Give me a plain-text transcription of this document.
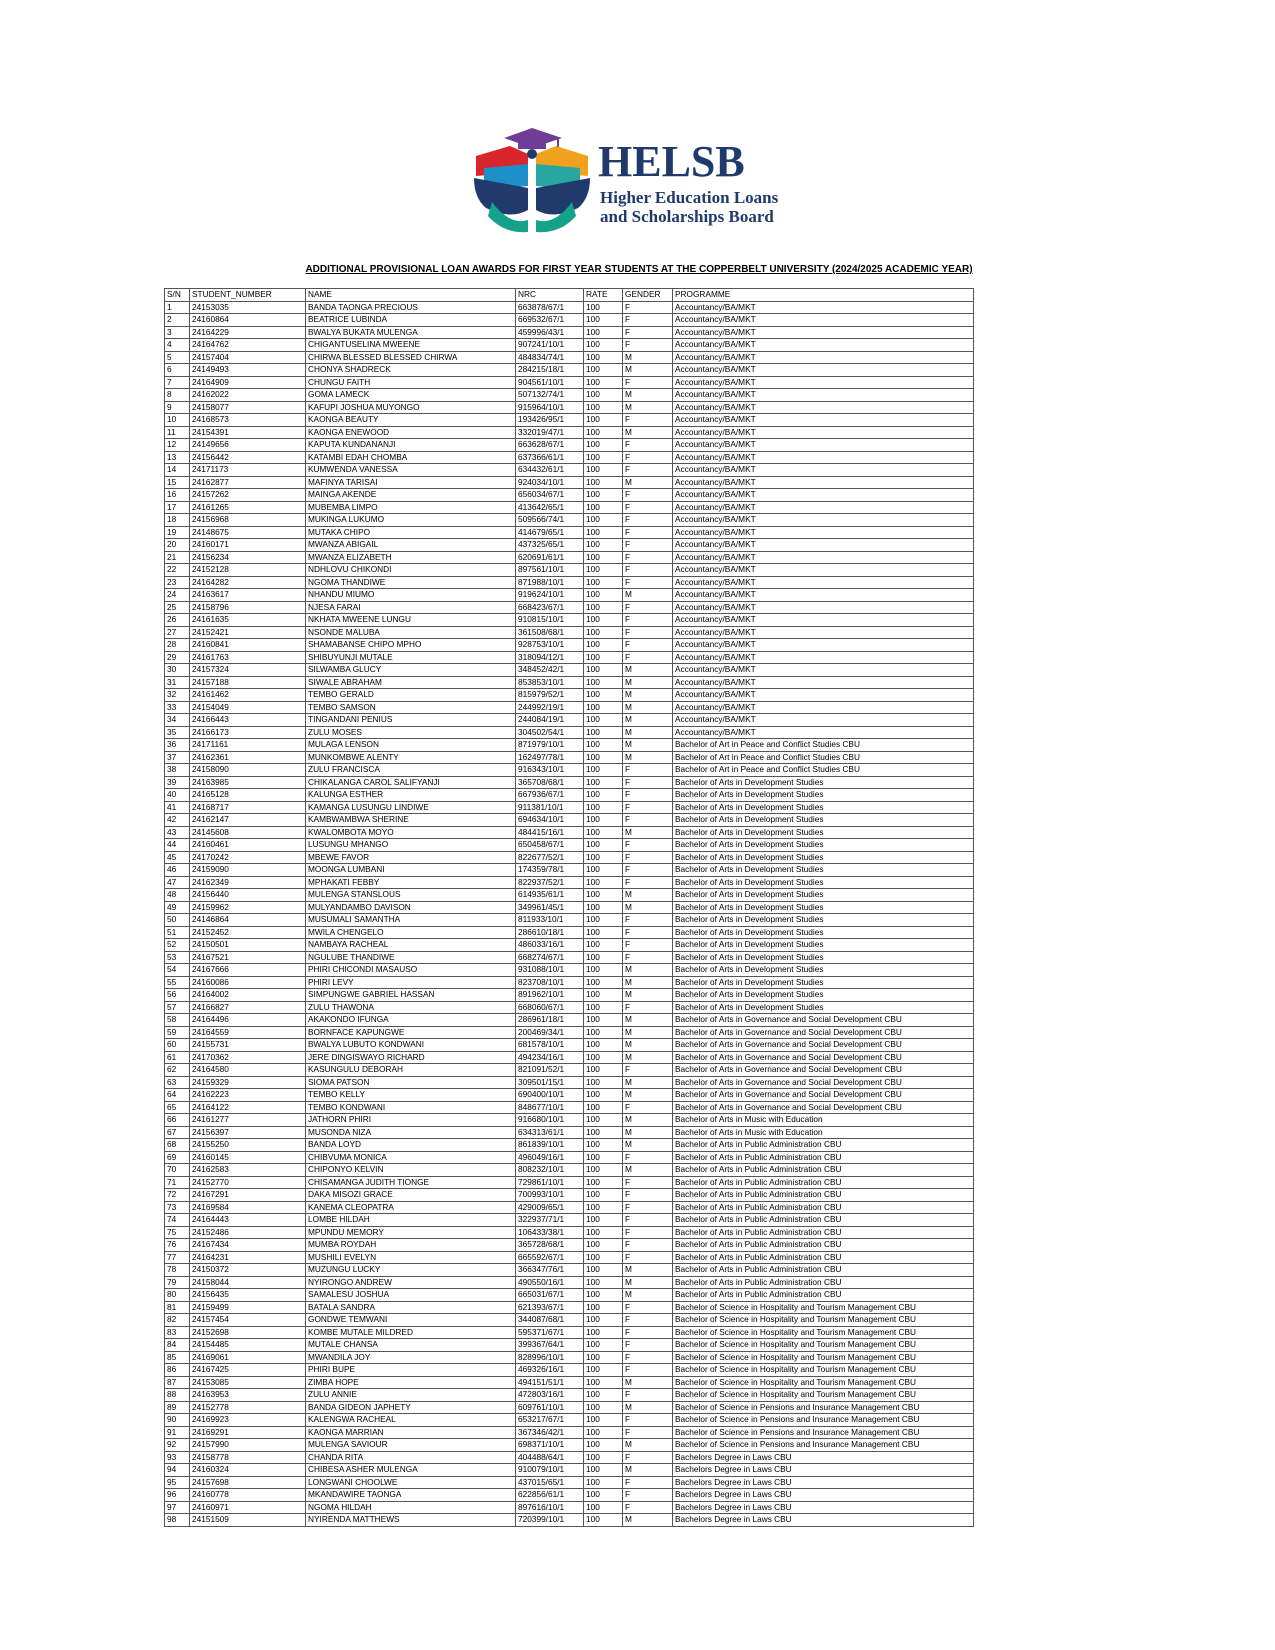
HELSB
Higher Education Loans
and Scholarships Board
ADDITIONAL PROVISIONAL LOAN AWARDS FOR FIRST YEAR STUDENTS AT THE COPPERBELT UNIVERSITY (2024/2025 ACADEMIC YEAR)
S/N	STUDENT_NUMBER	NAME	NRC	RATE	GENDER	PROGRAMME
1	24153035	BANDA TAONGA PRECIOUS	663878/67/1	100	F	Accountancy/BA/MKT
2	24160864	BEATRICE LUBINDA	669532/67/1	100	F	Accountancy/BA/MKT
3	24164229	BWALYA BUKATA MULENGA	459996/43/1	100	F	Accountancy/BA/MKT
4	24164762	CHIGANTUSELINA MWEENE	907241/10/1	100	F	Accountancy/BA/MKT
5	24157404	CHIRWA BLESSED BLESSED CHIRWA	484834/74/1	100	M	Accountancy/BA/MKT
6	24149493	CHONYA SHADRECK	284215/18/1	100	M	Accountancy/BA/MKT
7	24164909	CHUNGU FAITH	904561/10/1	100	F	Accountancy/BA/MKT
8	24162022	GOMA LAMECK	507132/74/1	100	M	Accountancy/BA/MKT
9	24158077	KAFUPI JOSHUA MUYONGO	915964/10/1	100	M	Accountancy/BA/MKT
10	24168573	KAONGA BEAUTY	193426/95/1	100	F	Accountancy/BA/MKT
11	24154391	KAONGA ENEWOOD	332019/47/1	100	M	Accountancy/BA/MKT
12	24149656	KAPUTA KUNDANANJI	663628/67/1	100	F	Accountancy/BA/MKT
13	24156442	KATAMBI EDAH CHOMBA	637366/61/1	100	F	Accountancy/BA/MKT
14	24171173	KUMWENDA VANESSA	634432/61/1	100	F	Accountancy/BA/MKT
15	24162877	MAFINYA TARISAI	924034/10/1	100	M	Accountancy/BA/MKT
16	24157262	MAINGA AKENDE	656034/67/1	100	F	Accountancy/BA/MKT
17	24161265	MUBEMBA LIMPO	413642/65/1	100	F	Accountancy/BA/MKT
18	24156968	MUKINGA LUKUMO	509566/74/1	100	F	Accountancy/BA/MKT
19	24148675	MUTAKA CHIPO	414679/65/1	100	F	Accountancy/BA/MKT
20	24160171	MWANZA ABIGAIL	437325/65/1	100	F	Accountancy/BA/MKT
21	24156234	MWANZA ELIZABETH	620691/61/1	100	F	Accountancy/BA/MKT
22	24152128	NDHLOVU CHIKONDI	897561/10/1	100	F	Accountancy/BA/MKT
23	24164282	NGOMA THANDIWE	871988/10/1	100	F	Accountancy/BA/MKT
24	24163617	NHANDU MIUMO	919624/10/1	100	M	Accountancy/BA/MKT
25	24158796	NJESA FARAI	668423/67/1	100	F	Accountancy/BA/MKT
26	24161635	NKHATA MWEENE LUNGU	910815/10/1	100	F	Accountancy/BA/MKT
27	24152421	NSONDE MALUBA	361508/68/1	100	F	Accountancy/BA/MKT
28	24160841	SHAMABANSE CHIPO MPHO	928753/10/1	100	F	Accountancy/BA/MKT
29	24161763	SHIBUYUNJI MUTALE	318094/12/1	100	F	Accountancy/BA/MKT
30	24157324	SILWAMBA GLUCY	348452/42/1	100	M	Accountancy/BA/MKT
31	24157188	SIWALE ABRAHAM	853853/10/1	100	M	Accountancy/BA/MKT
32	24161462	TEMBO GERALD	815979/52/1	100	M	Accountancy/BA/MKT
33	24154049	TEMBO SAMSON	244992/19/1	100	M	Accountancy/BA/MKT
34	24166443	TINGANDANI PENIUS	244084/19/1	100	M	Accountancy/BA/MKT
35	24166173	ZULU MOSES	304502/54/1	100	M	Accountancy/BA/MKT
36	24171161	MULAGA LENSON	871979/10/1	100	M	Bachelor of Art in Peace and Conflict Studies CBU
37	24162361	MUNKOMBWE ALENTY	162497/78/1	100	M	Bachelor of Art in Peace and Conflict Studies CBU
38	24158090	ZULU FRANCISCA	916343/10/1	100	F	Bachelor of Art in Peace and Conflict Studies CBU
39	24163985	CHIKALANGA CAROL SALIFYANJI	365708/68/1	100	F	Bachelor of Arts in Development Studies
40	24165128	KALUNGA ESTHER	667936/67/1	100	F	Bachelor of Arts in Development Studies
41	24168717	KAMANGA LUSUNGU LINDIWE	911381/10/1	100	F	Bachelor of Arts in Development Studies
42	24162147	KAMBWAMBWA SHERINE	694634/10/1	100	F	Bachelor of Arts in Development Studies
43	24145608	KWALOMBOTA MOYO	484415/16/1	100	M	Bachelor of Arts in Development Studies
44	24160461	LUSUNGU MHANGO	650458/67/1	100	F	Bachelor of Arts in Development Studies
45	24170242	MBEWE FAVOR	822677/52/1	100	F	Bachelor of Arts in Development Studies
46	24159090	MOONGA LUMBANI	174359/78/1	100	F	Bachelor of Arts in Development Studies
47	24162349	MPHAKATI FEBBY	822937/52/1	100	F	Bachelor of Arts in Development Studies
48	24156440	MULENGA STANSLOUS	614935/61/1	100	M	Bachelor of Arts in Development Studies
49	24159962	MULYANDAMBO DAVISON	349961/45/1	100	M	Bachelor of Arts in Development Studies
50	24146864	MUSUMALI SAMANTHA	811933/10/1	100	F	Bachelor of Arts in Development Studies
51	24152452	MWILA CHENGELO	286610/18/1	100	F	Bachelor of Arts in Development Studies
52	24150501	NAMBAYA RACHEAL	486033/16/1	100	F	Bachelor of Arts in Development Studies
53	24167521	NGULUBE THANDIWE	668274/67/1	100	F	Bachelor of Arts in Development Studies
54	24167666	PHIRI CHICONDI MASAUSO	931088/10/1	100	M	Bachelor of Arts in Development Studies
55	24160086	PHIRI LEVY	823708/10/1	100	M	Bachelor of Arts in Development Studies
56	24164002	SIMPUNGWE GABRIEL HASSAN	891962/10/1	100	M	Bachelor of Arts in Development Studies
57	24166827	ZULU THAWONA	668060/67/1	100	F	Bachelor of Arts in Development Studies
58	24164496	AKAKONDO IFUNGA	286961/18/1	100	M	Bachelor of Arts in Governance and Social Development CBU
59	24164559	BORNFACE KAPUNGWE	200469/34/1	100	M	Bachelor of Arts in Governance and Social Development CBU
60	24155731	BWALYA LUBUTO KONDWANI	681578/10/1	100	M	Bachelor of Arts in Governance and Social Development CBU
61	24170362	JERE DINGISWAYO RICHARD	494234/16/1	100	M	Bachelor of Arts in Governance and Social Development CBU
62	24164580	KASUNGULU DEBORAH	821091/52/1	100	F	Bachelor of Arts in Governance and Social Development CBU
63	24159329	SIOMA PATSON	309501/15/1	100	M	Bachelor of Arts in Governance and Social Development CBU
64	24162223	TEMBO KELLY	690400/10/1	100	M	Bachelor of Arts in Governance and Social Development CBU
65	24164122	TEMBO KONDWANI	848677/10/1	100	F	Bachelor of Arts in Governance and Social Development CBU
66	24161277	JATHORN PHIRI	916680/10/1	100	M	Bachelor of Arts in Music with Education
67	24156397	MUSONDA NIZA	634313/61/1	100	M	Bachelor of Arts in Music with Education
68	24155250	BANDA LOYD	861839/10/1	100	M	Bachelor of Arts in Public Administration CBU
69	24160145	CHIBVUMA MONICA	496049/16/1	100	F	Bachelor of Arts in Public Administration CBU
70	24162583	CHIPONYO KELVIN	808232/10/1	100	M	Bachelor of Arts in Public Administration CBU
71	24152770	CHISAMANGA JUDITH TIONGE	729861/10/1	100	F	Bachelor of Arts in Public Administration CBU
72	24167291	DAKA MISOZI GRACE	700993/10/1	100	F	Bachelor of Arts in Public Administration CBU
73	24169584	KANEMA CLEOPATRA	429009/65/1	100	F	Bachelor of Arts in Public Administration CBU
74	24164443	LOMBE HILDAH	322937/71/1	100	F	Bachelor of Arts in Public Administration CBU
75	24152486	MPUNDU MEMORY	106433/38/1	100	F	Bachelor of Arts in Public Administration CBU
76	24167434	MUMBA ROYDAH	365728/68/1	100	F	Bachelor of Arts in Public Administration CBU
77	24164231	MUSHILI EVELYN	665592/67/1	100	F	Bachelor of Arts in Public Administration CBU
78	24150372	MUZUNGU LUCKY	366347/76/1	100	M	Bachelor of Arts in Public Administration CBU
79	24158044	NYIRONGO ANDREW	490550/16/1	100	M	Bachelor of Arts in Public Administration CBU
80	24156435	SAMALESU JOSHUA	665031/67/1	100	M	Bachelor of Arts in Public Administration CBU
81	24159499	BATALA SANDRA	621393/67/1	100	F	Bachelor of Science in Hospitality and Tourism Management CBU
82	24157454	GONDWE TEMWANI	344087/68/1	100	F	Bachelor of Science in Hospitality and Tourism Management CBU
83	24152698	KOMBE MUTALE MILDRED	595371/67/1	100	F	Bachelor of Science in Hospitality and Tourism Management CBU
84	24154485	MUTALE CHANSA	399367/64/1	100	F	Bachelor of Science in Hospitality and Tourism Management CBU
85	24169061	MWANDILA JOY	828996/10/1	100	F	Bachelor of Science in Hospitality and Tourism Management CBU
86	24167425	PHIRI BUPE	469326/16/1	100	F	Bachelor of Science in Hospitality and Tourism Management CBU
87	24153085	ZIMBA HOPE	494151/51/1	100	M	Bachelor of Science in Hospitality and Tourism Management CBU
88	24163953	ZULU ANNIE	472803/16/1	100	F	Bachelor of Science in Hospitality and Tourism Management CBU
89	24152778	BANDA GIDEON JAPHETY	609761/10/1	100	M	Bachelor of Science in Pensions and Insurance Management CBU
90	24169923	KALENGWA RACHEAL	653217/67/1	100	F	Bachelor of Science in Pensions and Insurance Management CBU
91	24169291	KAONGA MARRIAN	367346/42/1	100	F	Bachelor of Science in Pensions and Insurance Management CBU
92	24157990	MULENGA SAVIOUR	698371/10/1	100	M	Bachelor of Science in Pensions and Insurance Management CBU
93	24158778	CHANDA RITA	404488/64/1	100	F	Bachelors Degree in Laws CBU
94	24160324	CHIBESA ASHER MULENGA	910079/10/1	100	M	Bachelors Degree in Laws CBU
95	24157698	LONGWANI CHOOLWE	437015/65/1	100	F	Bachelors Degree in Laws CBU
96	24160778	MKANDAWIRE TAONGA	622856/61/1	100	F	Bachelors Degree in Laws CBU
97	24160971	NGOMA HILDAH	897616/10/1	100	F	Bachelors Degree in Laws CBU
98	24151509	NYIRENDA MATTHEWS	720399/10/1	100	M	Bachelors Degree in Laws CBU
